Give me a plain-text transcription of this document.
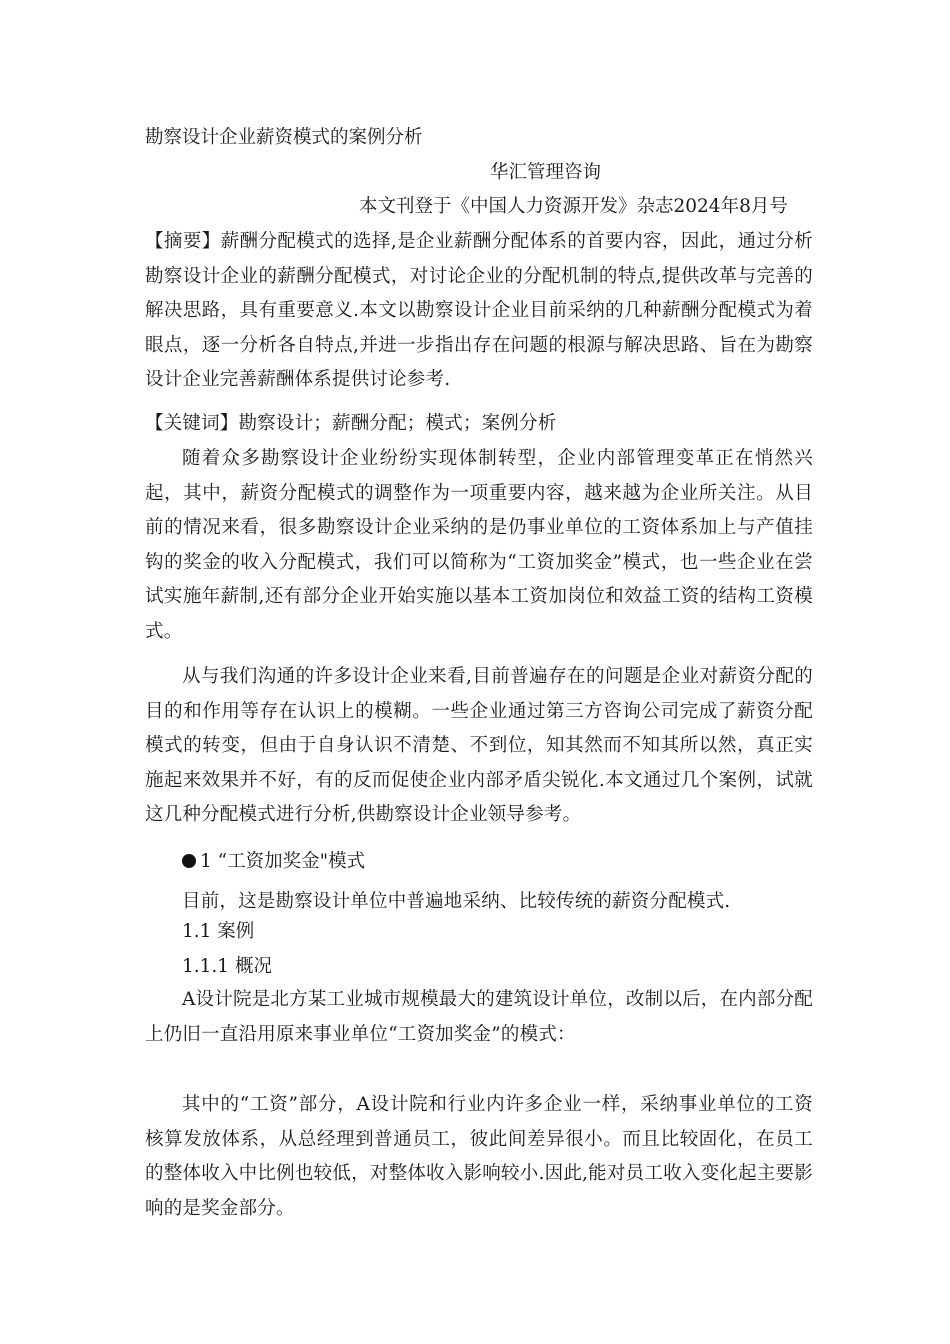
勘察设计企业薪资模式的案例分析
华汇管理咨询
本文刊登于《中国人力资源开发》杂志2024年8月号
【摘要】薪酬分配模式的选择,是企业薪酬分配体系的首要内容，因此，通过分析勘察设计企业的薪酬分配模式，对讨论企业的分配机制的特点,提供改革与完善的解决思路，具有重要意义.本文以勘察设计企业目前采纳的几种薪酬分配模式为着眼点，逐一分析各自特点,并进一步指出存在问题的根源与解决思路、旨在为勘察设计企业完善薪酬体系提供讨论参考.
【关键词】勘察设计；薪酬分配；模式；案例分析
随着众多勘察设计企业纷纷实现体制转型，企业内部管理变革正在悄然兴起，其中，薪资分配模式的调整作为一项重要内容，越来越为企业所关注。从目前的情况来看，很多勘察设计企业采纳的是仍事业单位的工资体系加上与产值挂钩的奖金的收入分配模式，我们可以简称为“工资加奖金”模式，也一些企业在尝试实施年薪制,还有部分企业开始实施以基本工资加岗位和效益工资的结构工资模式。
从与我们沟通的许多设计企业来看,目前普遍存在的问题是企业对薪资分配的目的和作用等存在认识上的模糊。一些企业通过第三方咨询公司完成了薪资分配模式的转变，但由于自身认识不清楚、不到位，知其然而不知其所以然，真正实施起来效果并不好，有的反而促使企业内部矛盾尖锐化.本文通过几个案例，试就这几种分配模式进行分析,供勘察设计企业领导参考。
1 “工资加奖金"模式
目前，这是勘察设计单位中普遍地采纳、比较传统的薪资分配模式.
1.1 案例
1.1.1 概况
A设计院是北方某工业城市规模最大的建筑设计单位，改制以后，在内部分配上仍旧一直沿用原来事业单位“工资加奖金”的模式：
其中的“工资”部分，A设计院和行业内许多企业一样，采纳事业单位的工资核算发放体系，从总经理到普通员工，彼此间差异很小。而且比较固化，在员工的整体收入中比例也较低，对整体收入影响较小.因此,能对员工收入变化起主要影响的是奖金部分。
